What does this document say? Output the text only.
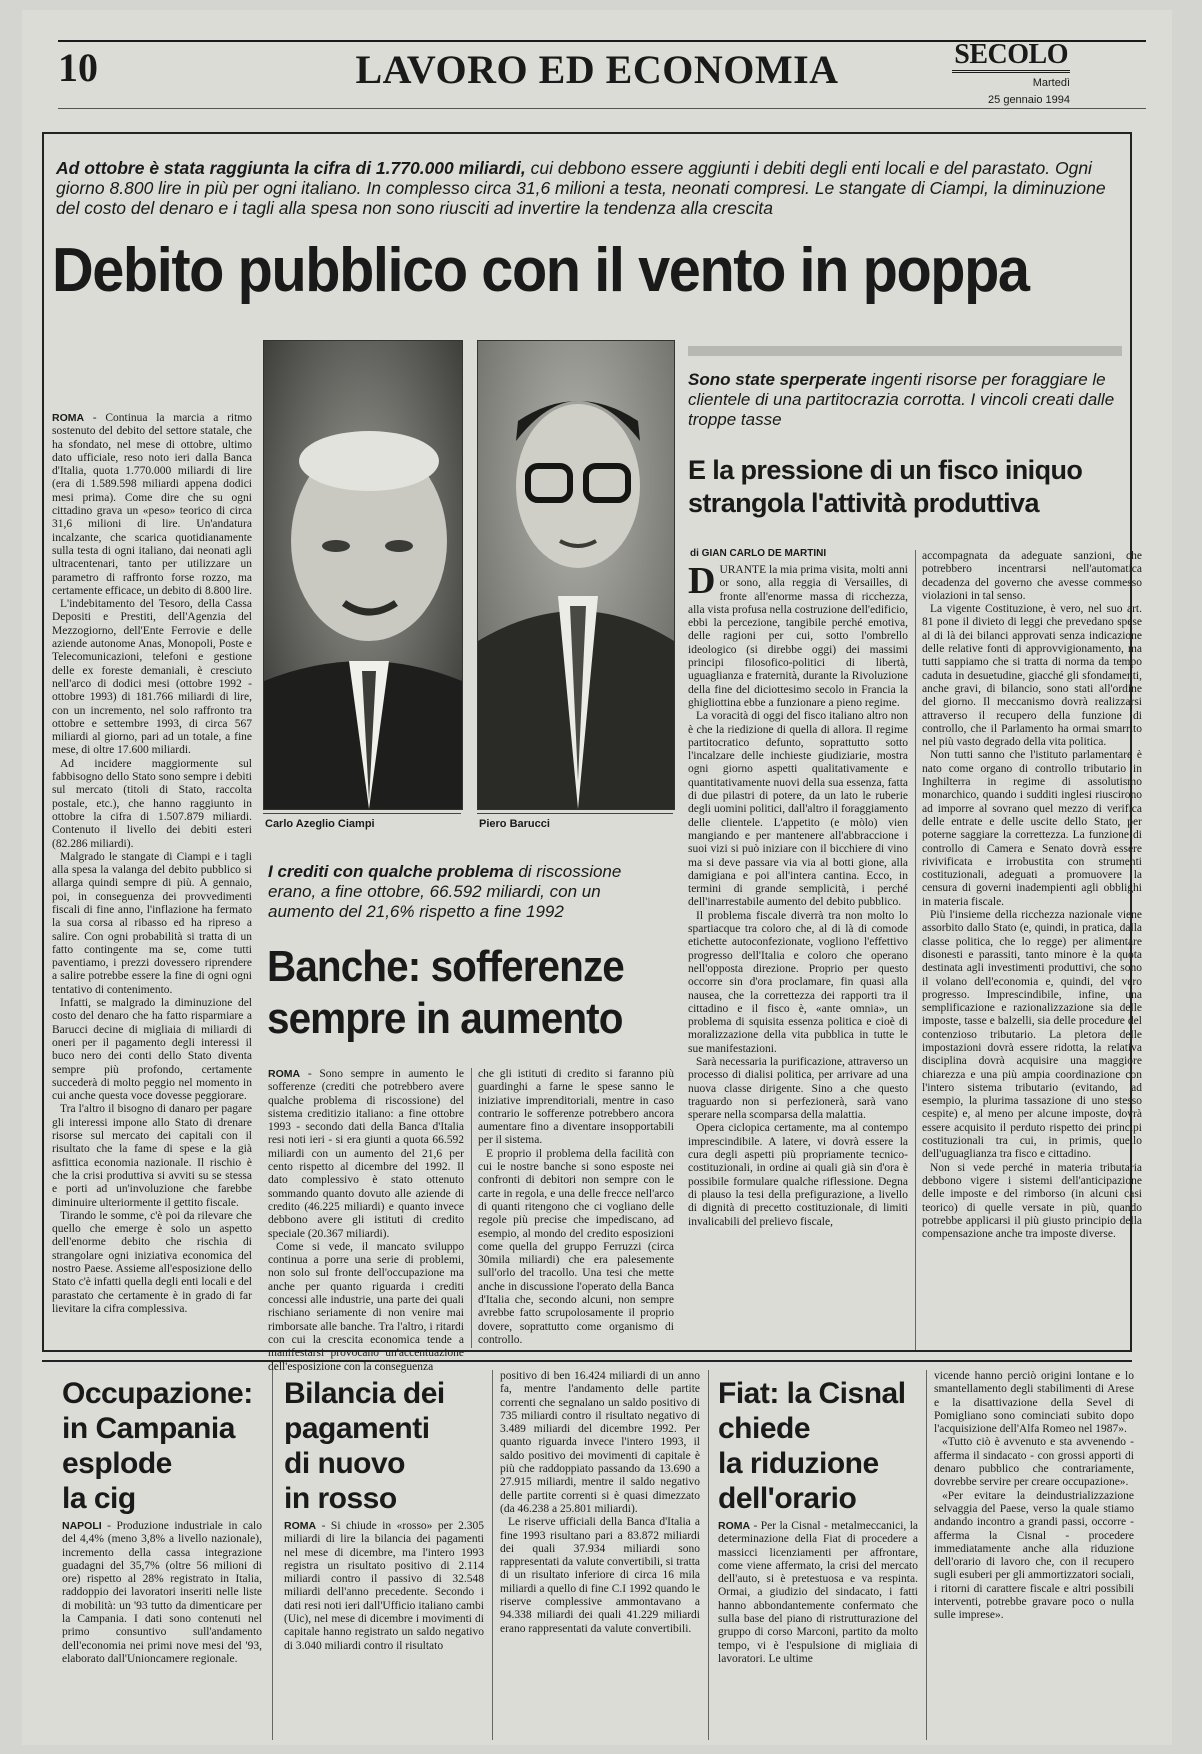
10	LAVORO ED ECONOMIA	SECOLO
Martedì
25 gennaio 1994
Ad ottobre è stata raggiunta la cifra di 1.770.000 miliardi, cui debbono essere aggiunti i debiti degli enti locali e del parastato. Ogni giorno 8.800 lire in più per ogni italiano. In complesso circa 31,6 milioni a testa, neonati compresi. Le stangate di Ciampi, la diminuzione del costo del denaro e i tagli alla spesa non sono riusciti ad invertire la tendenza alla crescita
Debito pubblico con il vento in poppa

ROMA - Continua la marcia a ritmo sostenuto del debito del settore statale, che ha sfondato, nel mese di ottobre, ultimo dato ufficiale, reso noto ieri dalla Banca d'Italia, quota 1.770.000 miliardi di lire (era di 1.589.598 miliardi appena dodici mesi prima). Come dire che su ogni cittadino grava un «peso» teorico di circa 31,6 milioni di lire. Un'andatura incalzante, che scarica quotidianamente sulla testa di ogni italiano, dai neonati agli ultracentenari, tanto per utilizzare un parametro di raffronto forse rozzo, ma certamente efficace, un debito di 8.800 lire.

L'indebitamento del Tesoro, della Cassa Depositi e Prestiti, dell'Agenzia del Mezzogiorno, dell'Ente Ferrovie e delle aziende autonome Anas, Monopoli, Poste e Telecomunicazioni, telefoni e gestione delle ex foreste demaniali, è cresciuto nell'arco di dodici mesi (ottobre 1992 - ottobre 1993) di 181.766 miliardi di lire, con un incremento, nel solo raffronto tra ottobre e settembre 1993, di circa 567 miliardi al giorno, pari ad un totale, a fine mese, di oltre 17.600 miliardi.

Ad incidere maggiormente sul fabbisogno dello Stato sono sempre i debiti sul mercato (titoli di Stato, raccolta postale, etc.), che hanno raggiunto in ottobre la cifra di 1.507.879 miliardi. Contenuto il livello dei debiti esteri (82.286 miliardi).

Malgrado le stangate di Ciampi e i tagli alla spesa la valanga del debito pubblico si allarga quindi sempre di più. A gennaio, poi, in conseguenza dei provvedimenti fiscali di fine anno, l'inflazione ha fermato la sua corsa al ribasso ed ha ripreso a salire. Con ogni probabilità si tratta di un fatto contingente ma se, come tutti paventiamo, i prezzi dovessero riprendere a salire potrebbe essere la fine di ogni ogni tentativo di contenimento.

Infatti, se malgrado la diminuzione del costo del denaro che ha fatto risparmiare a Barucci decine di migliaia di miliardi di oneri per il pagamento degli interessi il buco nero dei conti dello Stato diventa sempre più profondo, certamente succederà di molto peggio nel momento in cui anche questa voce dovesse peggiorare.

Tra l'altro il bisogno di danaro per pagare gli interessi impone allo Stato di drenare risorse sul mercato dei capitali con il risultato che la fame di spese e la già asfittica economia nazionale. Il rischio è che la crisi produttiva si avviti su se stessa e porti ad un'involuzione che farebbe diminuire ulteriormente il gettito fiscale.

Tirando le somme, c'è poi da rilevare che quello che emerge è solo un aspetto dell'enorme debito che rischia di strangolare ogni iniziativa economica del nostro Paese. Assieme all'esposizione dello Stato c'è infatti quella degli enti locali e del parastato che certamente è in grado di far lievitare la cifra complessiva.

Carlo Azeglio Ciampi	Piero Barucci
I crediti con qualche problema di riscossione erano, a fine ottobre, 66.592 miliardi, con un aumento del 21,6% rispetto a fine 1992
Banche: sofferenze
sempre in aumento

ROMA - Sono sempre in aumento le sofferenze (crediti che potrebbero avere qualche problema di riscossione) del sistema creditizio italiano: a fine ottobre 1993 - secondo dati della Banca d'Italia resi noti ieri - si era giunti a quota 66.592 miliardi con un aumento del 21,6 per cento rispetto al dicembre del 1992. Il dato complessivo è stato ottenuto sommando quanto dovuto alle aziende di credito (46.225 miliardi) e quanto invece debbono avere gli istituti di credito speciale (20.367 miliardi).

Come si vede, il mancato sviluppo continua a porre una serie di problemi, non solo sul fronte dell'occupazione ma anche per quanto riguarda i crediti concessi alle industrie, una parte dei quali rischiano seriamente di non venire mai rimborsate alle banche. Tra l'altro, i ritardi con cui la crescita economica tende a manifestarsi provocano un'accentuazione dell'esposizione con la conseguenza

che gli istituti di credito si faranno più guardinghi a farne le spese sanno le iniziative imprenditoriali, mentre in caso contrario le sofferenze potrebbero ancora aumentare fino a diventare insopportabili per il sistema.

E proprio il problema della facilità con cui le nostre banche si sono esposte nei confronti di debitori non sempre con le carte in regola, e una delle frecce nell'arco di quanti ritengono che ci vogliano delle regole più precise che impediscano, ad esempio, al mondo del credito esposizioni come quella del gruppo Ferruzzi (circa 30mila miliardi) che era palesemente sull'orlo del tracollo. Una tesi che mette anche in discussione l'operato della Banca d'Italia che, secondo alcuni, non sempre avrebbe fatto scrupolosamente il proprio dovere, soprattutto come organismo di controllo.

Sono state sperperate ingenti risorse per foraggiare le clientele di una partitocrazia corrotta. I vincoli creati dalle troppe tasse
E la pressione di un fisco iniquo strangola l'attività produttiva
di GIAN CARLO DE MARTINI

DURANTE la mia prima visita, molti anni or sono, alla reggia di Versailles, di fronte all'enorme massa di ricchezza, alla vista profusa nella costruzione dell'edificio, ebbi la percezione, tangibile perché emotiva, delle ragioni per cui, sotto l'ombrello ideologico (si direbbe oggi) dei massimi principi filosofico-politici di libertà, uguaglianza e fraternità, durante la Rivoluzione della fine del diciottesimo secolo in Francia la ghigliottina ebbe a funzionare a pieno regime.

La voracità di oggi del fisco italiano altro non è che la riedizione di quella di allora. Il regime partitocratico defunto, soprattutto sotto l'incalzare delle inchieste giudiziarie, mostra ogni giorno aspetti qualitativamente e quantitativamente nuovi della sua essenza, fatta di due pilastri di potere, da un lato le ruberie degli uomini politici, dall'altro il foraggiamento delle clientele. L'appetito (e mòlo) vien mangiando e per mantenere all'abbraccione i suoi vizi si può iniziare con il bicchiere di vino ma si deve passare via via al botti gione, alla damigiana e poi all'intera cantina. Ecco, in termini di grande semplicità, i perché dell'inarrestabile aumento del debito pubblico.

Il problema fiscale diverrà tra non molto lo spartiacque tra coloro che, al di là di comode etichette autoconfezionate, vogliono l'effettivo progresso dell'Italia e coloro che operano nell'opposta direzione. Proprio per questo occorre sin d'ora proclamare, fin quasi alla nausea, che la correttezza dei rapporti tra il cittadino e il fisco è, «ante omnia», un problema di squisita essenza politica e cioè di moralizzazione della vita pubblica in tutte le sue manifestazioni.

Sarà necessaria la purificazione, attraverso un processo di dialisi politica, per arrivare ad una nuova classe dirigente. Sino a che questo traguardo non si perfezionerà, sarà vano sperare nella scomparsa della malattia.

Opera ciclopica certamente, ma al contempo imprescindibile. A latere, vi dovrà essere la cura degli aspetti più propriamente tecnico-costituzionali, in ordine ai quali già sin d'ora è possibile formulare qualche riflessione. Degna di plauso la tesi della prefigurazione, a livello di dignità di precetto costituzionale, di limiti invalicabili del prelievo fiscale,

accompagnata da adeguate sanzioni, che potrebbero incentrarsi nell'automatica decadenza del governo che avesse commesso violazioni in tal senso.

La vigente Costituzione, è vero, nel suo art. 81 pone il divieto di leggi che prevedano spese al di là dei bilanci approvati senza indicazione delle relative fonti di approvvigionamento, ma tutti sappiamo che si tratta di norma da tempo caduta in desuetudine, giacché gli sfondamenti, anche gravi, di bilancio, sono stati all'ordine del giorno. Il meccanismo dovrà realizzarsi attraverso il recupero della funzione di controllo, che il Parlamento ha ormai smarrito nel più vasto degrado della vita politica.

Non tutti sanno che l'istituto parlamentare è nato come organo di controllo tributario in Inghilterra in regime di assolutismo monarchico, quando i sudditi inglesi riuscirono ad imporre al sovrano quel mezzo di verifica delle entrate e delle uscite dello Stato, per poterne saggiare la correttezza. La funzione di controllo di Camera e Senato dovrà essere rivivificata e irrobustita con strumenti costituzionali, adeguati a promuovere la censura di governi inadempienti agli obblighi in materia fiscale.

Più l'insieme della ricchezza nazionale viene assorbito dallo Stato (e, quindi, in pratica, dalla classe politica, che lo regge) per alimentare disonesti e parassiti, tanto minore è la quota destinata agli investimenti produttivi, che sono il volano dell'economia e, quindi, del vero progresso. Imprescindibile, infine, una semplificazione e razionalizzazione sia delle imposte, tasse e balzelli, sia delle procedure del contenzioso tributario. La pletora delle impostazioni dovrà essere ridotta, la relativa disciplina dovrà acquisire una maggiore chiarezza e una più ampia coordinazione con l'intero sistema tributario (evitando, ad esempio, la plurima tassazione di uno stesso cespite) e, al meno per alcune imposte, dovrà essere acquisito il perduto rispetto dei principi costituzionali tra cui, in primis, quello dell'uguaglianza tra fisco e cittadino.

Non si vede perché in materia tributaria debbono vigere i sistemi dell'anticipazione delle imposte e del rimborso (in alcuni casi teorico) di quelle versate in più, quando potrebbe applicarsi il più giusto principio della compensazione anche tra imposte diverse.

Occupazione:
in Campania
esplode
la cig

NAPOLI - Produzione industriale in calo del 4,4% (meno 3,8% a livello nazionale), incremento della cassa integrazione guadagni del 35,7% (oltre 56 milioni di ore) rispetto al 28% registrato in Italia, raddoppio dei lavoratori inseriti nelle liste di mobilità: un '93 tutto da dimenticare per la Campania. I dati sono contenuti nel primo consuntivo sull'andamento dell'economia nei primi nove mesi del '93, elaborato dall'Unioncamere regionale.

Bilancia dei
pagamenti
di nuovo
in rosso

ROMA - Si chiude in «rosso» per 2.305 miliardi di lire la bilancia dei pagamenti nel mese di dicembre, ma l'intero 1993 registra un risultato positivo di 2.114 miliardi contro il passivo di 32.548 miliardi dell'anno precedente. Secondo i dati resi noti ieri dall'Ufficio italiano cambi (Uic), nel mese di dicembre i movimenti di capitale hanno registrato un saldo negativo di 3.040 miliardi contro il risultato

positivo di ben 16.424 miliardi di un anno fa, mentre l'andamento delle partite correnti che segnalano un saldo positivo di 735 miliardi contro il risultato negativo di 3.489 miliardi del dicembre 1992. Per quanto riguarda invece l'intero 1993, il saldo positivo dei movimenti di capitale è più che raddoppiato passando da 13.690 a 27.915 miliardi, mentre il saldo negativo delle partite correnti si è quasi dimezzato (da 46.238 a 25.801 miliardi).

Le riserve ufficiali della Banca d'Italia a fine 1993 risultano pari a 83.872 miliardi dei quali 37.934 miliardi sono rappresentati da valute convertibili, si tratta di un risultato inferiore di circa 16 mila miliardi a quello di fine C.I 1992 quando le riserve complessive ammontavano a 94.338 miliardi dei quali 41.229 miliardi erano rappresentati da valute convertibili.

Fiat: la Cisnal
chiede
la riduzione
dell'orario

ROMA - Per la Cisnal - metalmeccanici, la determinazione della Fiat di procedere a massicci licenziamenti per affrontare, come viene affermato, la crisi del mercato dell'auto, si è pretestuosa e va respinta. Ormai, a giudizio del sindacato, i fatti hanno abbondantemente confermato che sulla base del piano di ristrutturazione del gruppo di corso Marconi, partito da molto tempo, vi è l'espulsione di migliaia di lavoratori. Le ultime

vicende hanno perciò origini lontane e lo smantellamento degli stabilimenti di Arese e la disattivazione della Sevel di Pomigliano sono cominciati subito dopo l'acquisizione dell'Alfa Romeo nel 1987».

«Tutto ciò è avvenuto e sta avvenendo - afferma il sindacato - con grossi apporti di denaro pubblico che contrariamente, dovrebbe servire per creare occupazione».

«Per evitare la deindustrializzazione selvaggia del Paese, verso la quale stiamo andando incontro a grandi passi, occorre - afferma la Cisnal - procedere immediatamente anche alla riduzione dell'orario di lavoro che, con il recupero sugli esuberi per gli ammortizzatori sociali, i ritorni di carattere fiscale e altri possibili interventi, potrebbe gravare poco o nulla sulle imprese».
